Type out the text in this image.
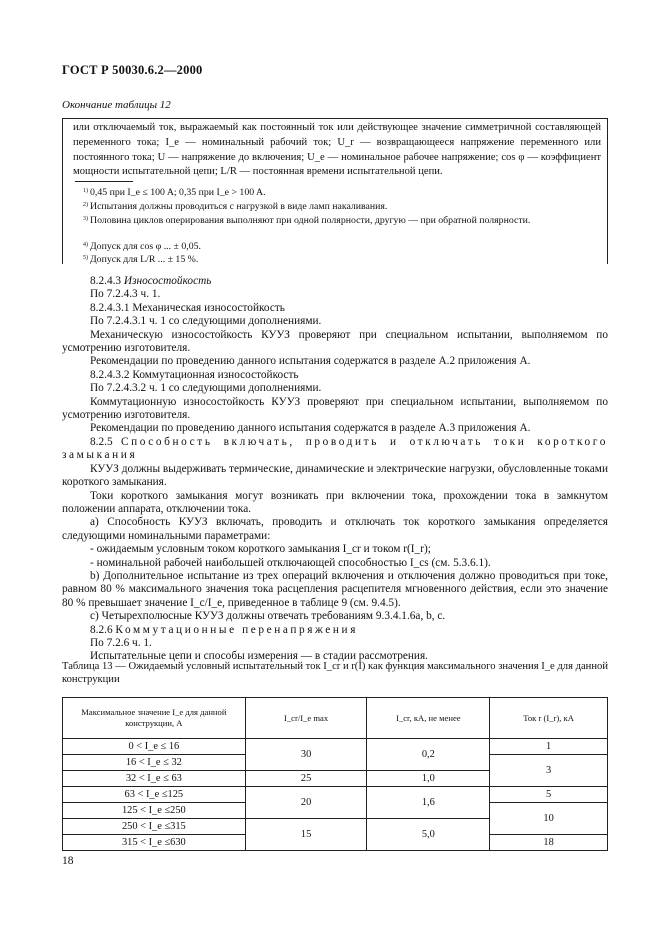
ГОСТ Р 50030.6.2—2000
Окончание таблицы 12
или отключаемый ток, выражаемый как постоянный ток или действующее значение симметричной составляющей переменного тока; I_e — номинальный рабочий ток; U_r — возвращающееся напряжение переменного или постоянного тока; U — напряжение до включения; U_e — номинальное рабочее напряжение; cos φ — коэффициент мощности испытательной цепи; L/R — постоянная времени испытательной цепи.
$^{1)}$ 0,45 при I_e ≤ 100 A; 0,35 при I_e > 100 A.
$^{2)}$ Испытания должны проводиться с нагрузкой в виде ламп накаливания.
$^{3)}$ Половина циклов оперирования выполняют при одной полярности, другую — при обратной полярности.
$^{4)}$ Допуск для cos φ ... ± 0,05.
$^{5)}$ Допуск для L/R ... ± 15 %.

8.2.4.3 Износостойкость

По 7.2.4.3 ч. 1.

8.2.4.3.1 Механическая износостойкость

По 7.2.4.3.1 ч. 1 со следующими дополнениями.

Механическую износостойкость КУУЗ проверяют при специальном испытании, выполняемом по усмотрению изготовителя.

Рекомендации по проведению данного испытания содержатся в разделе А.2 приложения А.

8.2.4.3.2 Коммутационная износостойкость

По 7.2.4.3.2 ч. 1 со следующими дополнениями.

Коммутационную износостойкость КУУЗ проверяют при специальном испытании, выполняемом по усмотрению изготовителя.

Рекомендации по проведению данного испытания содержатся в разделе А.3 приложения А.

8.2.5 Способность включать, проводить и отключать токи короткого замыкания

КУУЗ должны выдерживать термические, динамические и электрические нагрузки, обусловленные токами короткого замыкания.

Токи короткого замыкания могут возникать при включении тока, прохождении тока в замкнутом положении аппарата, отключении тока.

a) Способность КУУЗ включать, проводить и отключать ток короткого замыкания определяется следующими номинальными параметрами:

- ожидаемым условным током короткого замыкания I_cr и током r(I_r);

- номинальной рабочей наибольшей отключающей способностью I_cs (см. 5.3.6.1).

b) Дополнительное испытание из трех операций включения и отключения должно проводиться при токе, равном 80 % максимального значения тока расцепления расцепителя мгновенного действия, если это значение 80 % превышает значение I_c/I_e, приведенное в таблице 9 (см. 9.4.5).

c) Четырехполюсные КУУЗ должны отвечать требованиям 9.3.4.1.6a, b, c.

8.2.6 Коммутационные перенапряжения

По 7.2.6 ч. 1.

Испытательные цепи и способы измерения — в стадии рассмотрения.

Таблица 13 — Ожидаемый условный испытательный ток I_cr и r(I) как функция максимального значения I_e для данной конструкции
Максимальное значение I_e для данной конструкции, А	I_cr/I_e max	I_cr, кА, не менее	Ток r (I_r), кА
0 < I_e ≤ 16	30	0,2	1
16 < I_e ≤ 32			3
32 < I_e ≤ 63	25	1,0	
63 < I_e ≤125	20	1,6	5
125 < I_e ≤250			10
250 < I_e ≤315	15	5,0	
315 < I_e ≤630			18
18
